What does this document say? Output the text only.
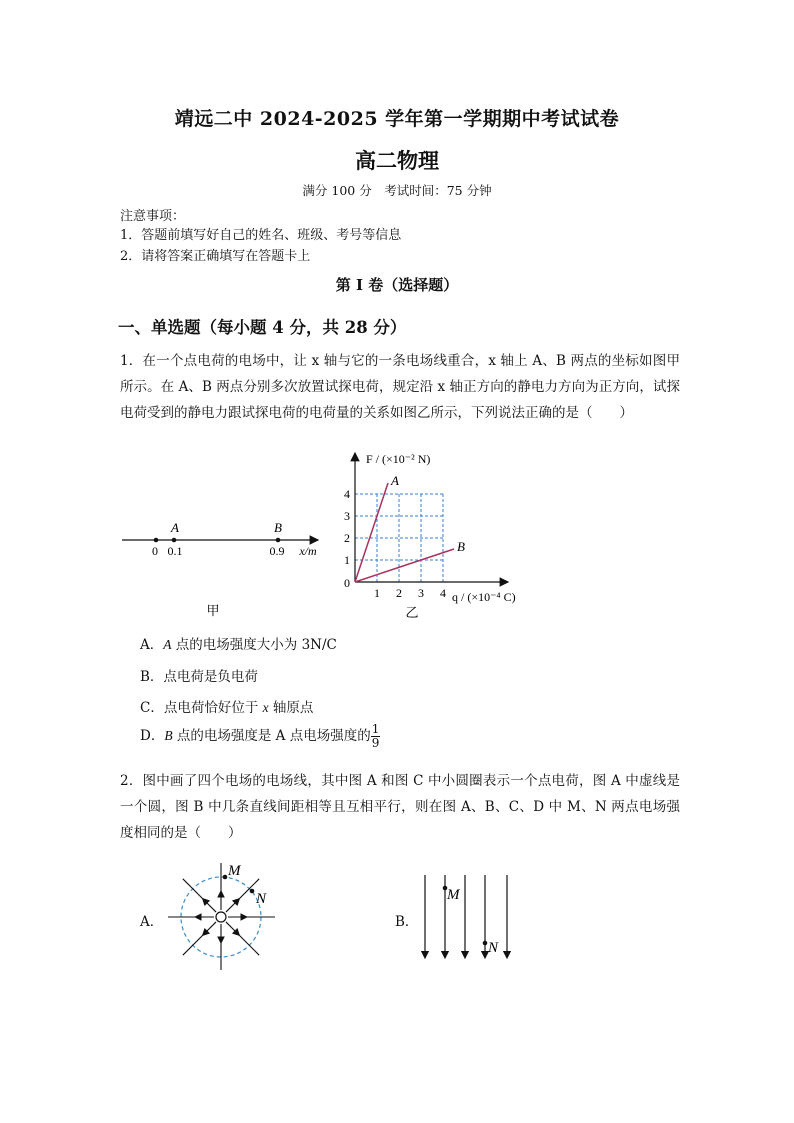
靖远二中 2024-2025 学年第一学期期中考试试卷
高二物理
满分 100 分　考试时间：75 分钟
注意事项：
1．答题前填写好自己的姓名、班级、考号等信息
2．请将答案正确填写在答题卡上
第 I 卷（选择题）
一、单选题（每小题 4 分，共 28 分）
1．在一个点电荷的电场中，让 x 轴与它的一条电场线重合，x 轴上 A、B 两点的坐标如图甲所示。在 A、B 两点分别多次放置试探电荷，规定沿 x 轴正方向的静电力方向为正方向，试探电荷受到的静电力跟试探电荷的电荷量的关系如图乙所示，下列说法正确的是（　　）
A	B
0 0.1	0.9 x/m
甲
1 2 3 4
1
2
3
4
A
B
F / (×10⁻² N)
q / (×10⁻⁴ C)
0
乙
A．A 点的电场强度大小为 3N/C
B．点电荷是负电荷
C．点电荷恰好位于 x 轴原点
D．B 点的电场强度是 A 点电场强度的 $\frac{1}{9}$
2．图中画了四个电场的电场线，其中图 A 和图 C 中小圆圈表示一个点电荷，图 A 中虚线是一个圆，图 B 中几条直线间距相等且互相平行，则在图 A、B、C、D 中 M、N 两点电场强度相同的是（　　）
A．
M
N
B．
M
N
